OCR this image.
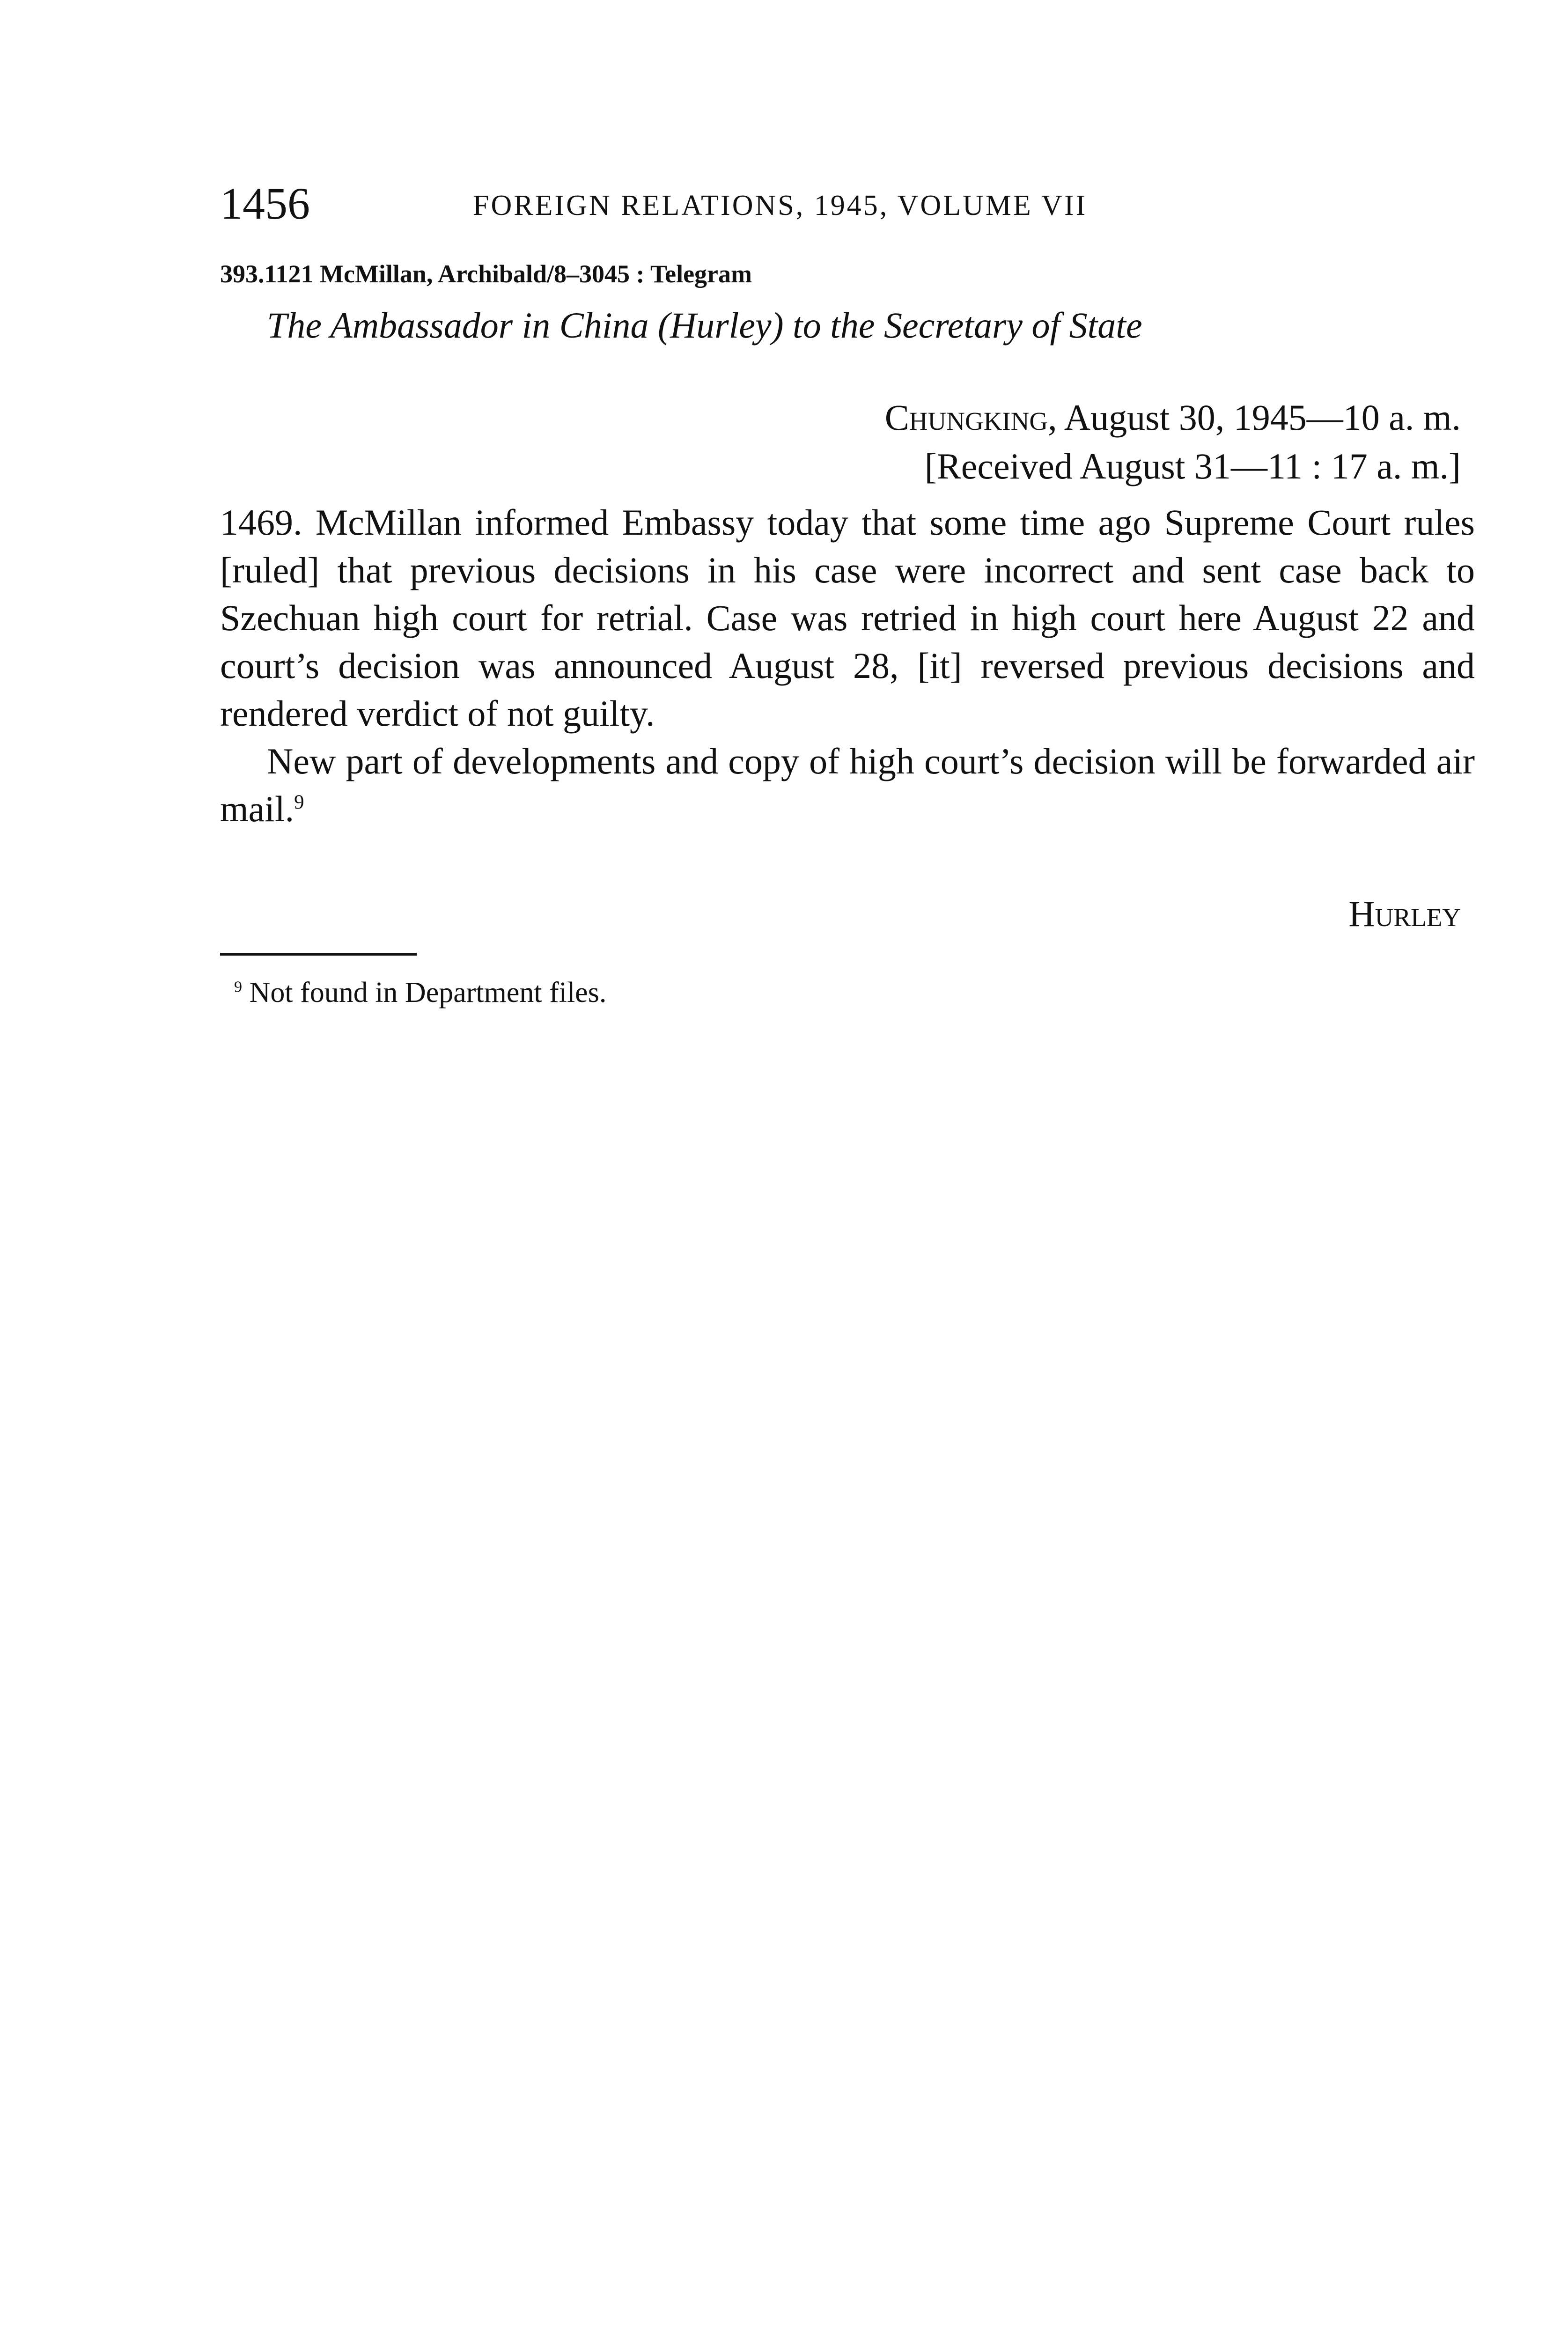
1456	FOREIGN RELATIONS, 1945, VOLUME VII
393.1121 McMillan, Archibald/8–3045 : Telegram
The Ambassador in China (Hurley) to the Secretary of State
Chungking, August 30, 1945—10 a. m.
[Received August 31—11 : 17 a. m.]

1469. McMillan informed Embassy today that some time ago Supreme Court rules [ruled] that previous decisions in his case were incorrect and sent case back to Szechuan high court for retrial. Case was retried in high court here August 22 and court’s decision was announced August 28, [it] reversed previous decisions and rendered verdict of not guilty.

New part of developments and copy of high court’s decision will be forwarded air mail.$^9$

Hurley
$^9$ Not found in Department files.
